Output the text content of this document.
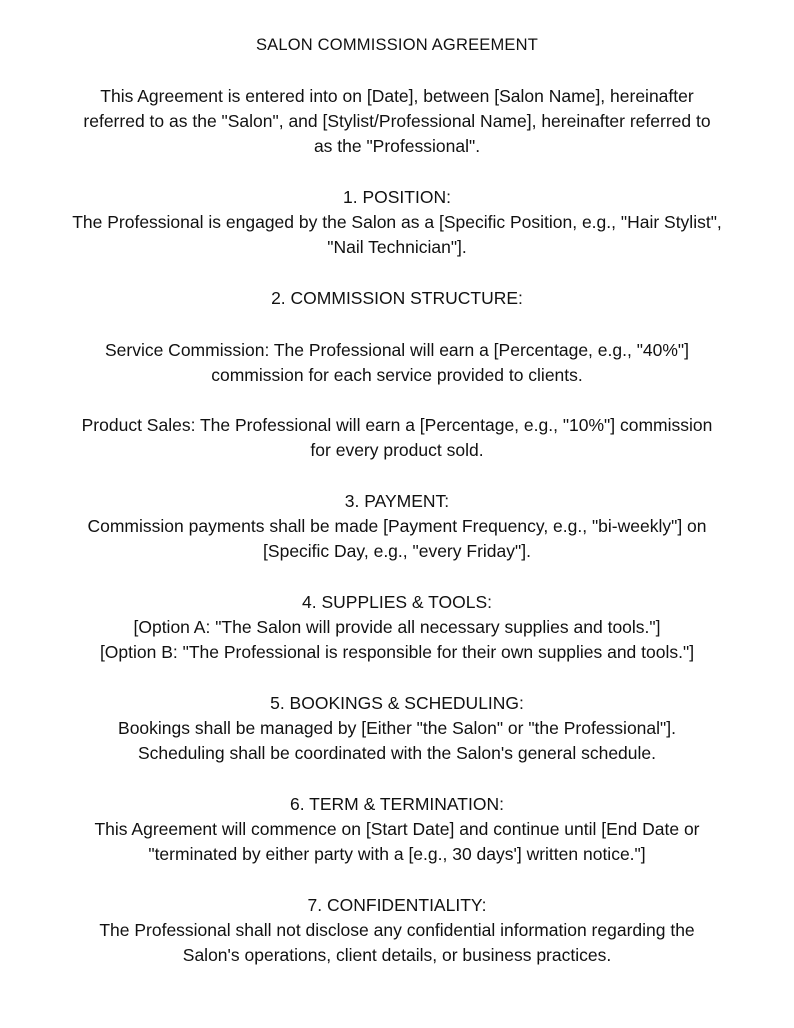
SALON COMMISSION AGREEMENT
This Agreement is entered into on [Date], between [Salon Name], hereinafter
referred to as the "Salon", and [Stylist/Professional Name], hereinafter referred to
as the "Professional".
1. POSITION:
The Professional is engaged by the Salon as a [Specific Position, e.g., "Hair Stylist",
"Nail Technician"].
2. COMMISSION STRUCTURE:
Service Commission: The Professional will earn a [Percentage, e.g., "40%"]
commission for each service provided to clients.
Product Sales: The Professional will earn a [Percentage, e.g., "10%"] commission
for every product sold.
3. PAYMENT:
Commission payments shall be made [Payment Frequency, e.g., "bi-weekly"] on
[Specific Day, e.g., "every Friday"].
4. SUPPLIES & TOOLS:
[Option A: "The Salon will provide all necessary supplies and tools."]
[Option B: "The Professional is responsible for their own supplies and tools."]
5. BOOKINGS & SCHEDULING:
Bookings shall be managed by [Either "the Salon" or "the Professional"].
Scheduling shall be coordinated with the Salon's general schedule.
6. TERM & TERMINATION:
This Agreement will commence on [Start Date] and continue until [End Date or
"terminated by either party with a [e.g., 30 days'] written notice."]
7. CONFIDENTIALITY:
The Professional shall not disclose any confidential information regarding the
Salon's operations, client details, or business practices.
